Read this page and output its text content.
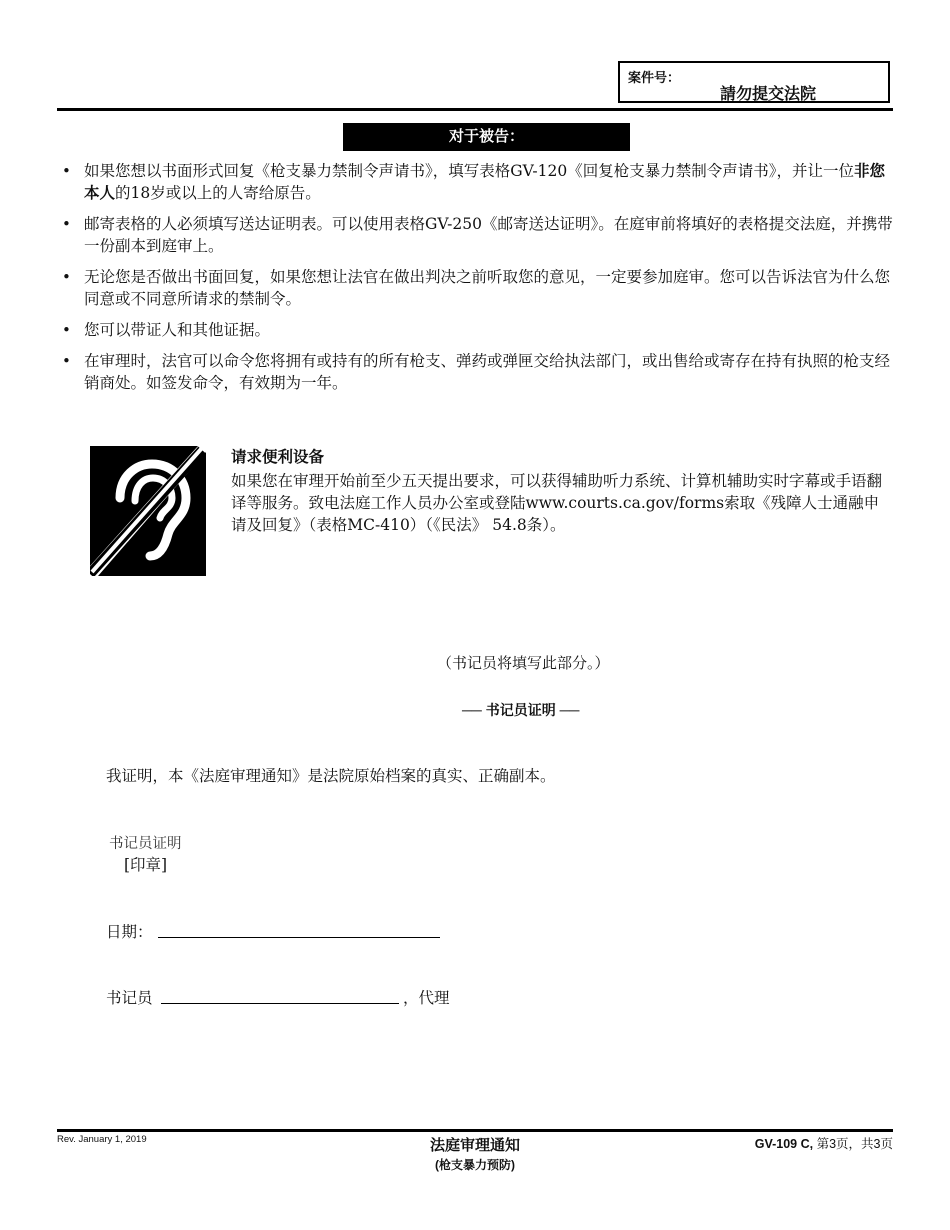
案件号：
請勿提交法院
对于被告：
• 如果您想以书面形式回复《枪支暴力禁制令声请书》，填写表格GV-120《回复枪支暴力禁制令声请书》，并让一位非您本人的18岁或以上的人寄给原告。
• 邮寄表格的人必须填写送达证明表。可以使用表格GV-250《邮寄送达证明》。在庭审前将填好的表格提交法庭，并携带一份副本到庭审上。
• 无论您是否做出书面回复，如果您想让法官在做出判决之前听取您的意见，一定要参加庭审。您可以告诉法官为什么您同意或不同意所请求的禁制令。
• 您可以带证人和其他证据。
• 在审理时，法官可以命令您将拥有或持有的所有枪支、弹药或弹匣交给执法部门，或出售给或寄存在持有执照的枪支经销商处。如签发命令，有效期为一年。
请求便利设备
如果您在审理开始前至少五天提出要求，可以获得辅助听力系统、计算机辅助实时字幕或手语翻译等服务。致电法庭工作人员办公室或登陆www.courts.ca.gov/forms索取《残障人士通融申请及回复》（表格MC-410）（《民法》 54.8条）。
（书记员将填写此部分。）
── 书记员证明 ──
我证明，本《法庭审理通知》是法院原始档案的真实、正确副本。
书记员证明
[印章]
日期：
书记员	，代理
Rev. January 1, 2019	法庭审理通知
(枪支暴力预防)
GV-109 C, 第3页，共3页
